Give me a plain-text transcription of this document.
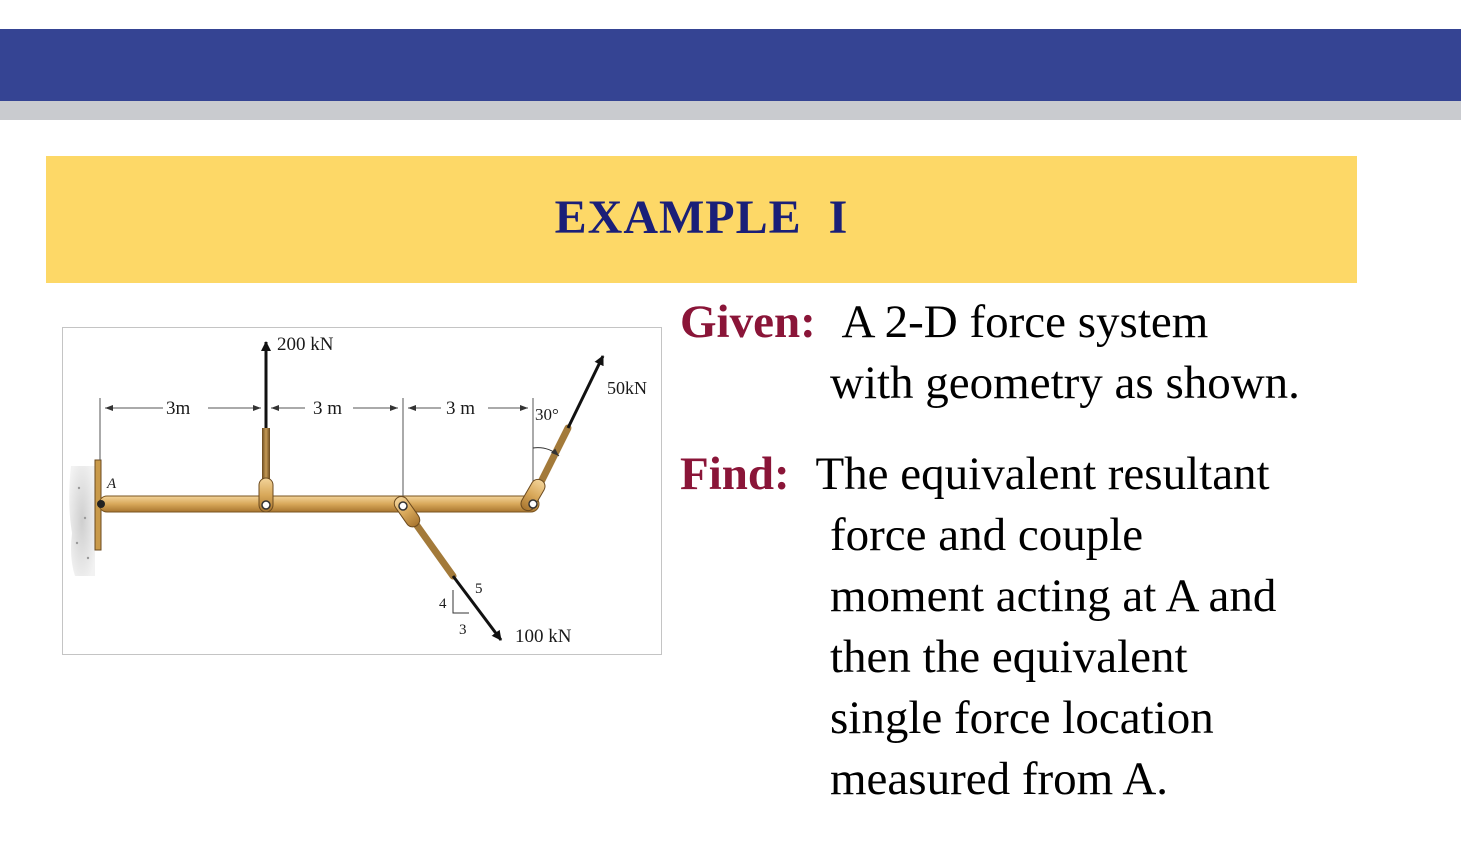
EXAMPLE I
A
3m	3 m	3 m
200 kN
50kN
30°
4
3
5
100 kN
Given: A 2-D force system
with geometry as shown.
Find: The equivalent resultant
force and couple
moment acting at A and
then the equivalent
single force location
measured from A.
